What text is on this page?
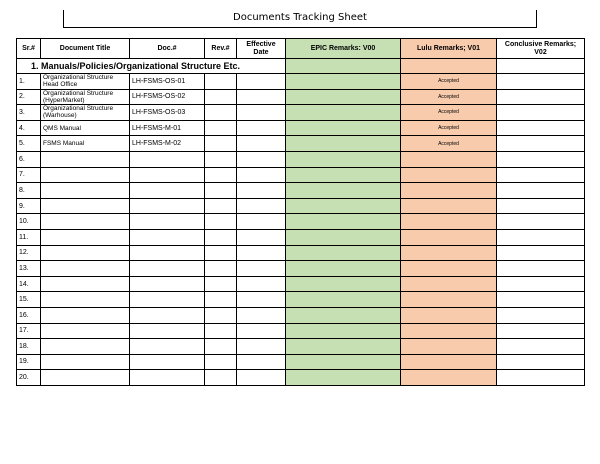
Documents Tracking Sheet
Sr.#	Document Title	Doc.#	Rev.#	Effective Date	EPIC Remarks: V00	Lulu Remarks; V01	Conclusive Remarks; V02
1. Manuals/Policies/Organizational Structure Etc.							
1.	Organizational Structure Head Office	LH-FSMS-OS-01				Accepted	
2.	Organizational Structure (HyperMarket)	LH-FSMS-OS-02				Accepted	
3.	Organizational Structure (Warhouse)	LH-FSMS-OS-03				Accepted	
4.	QMS Manual	LH-FSMS-M-01				Accepted	
5.	FSMS Manual	LH-FSMS-M-02				Accepted	
6.							
7.							
8.							
9.							
10.							
11.							
12.							
13.							
14.							
15.							
16.							
17.							
18.							
19.							
20.							
